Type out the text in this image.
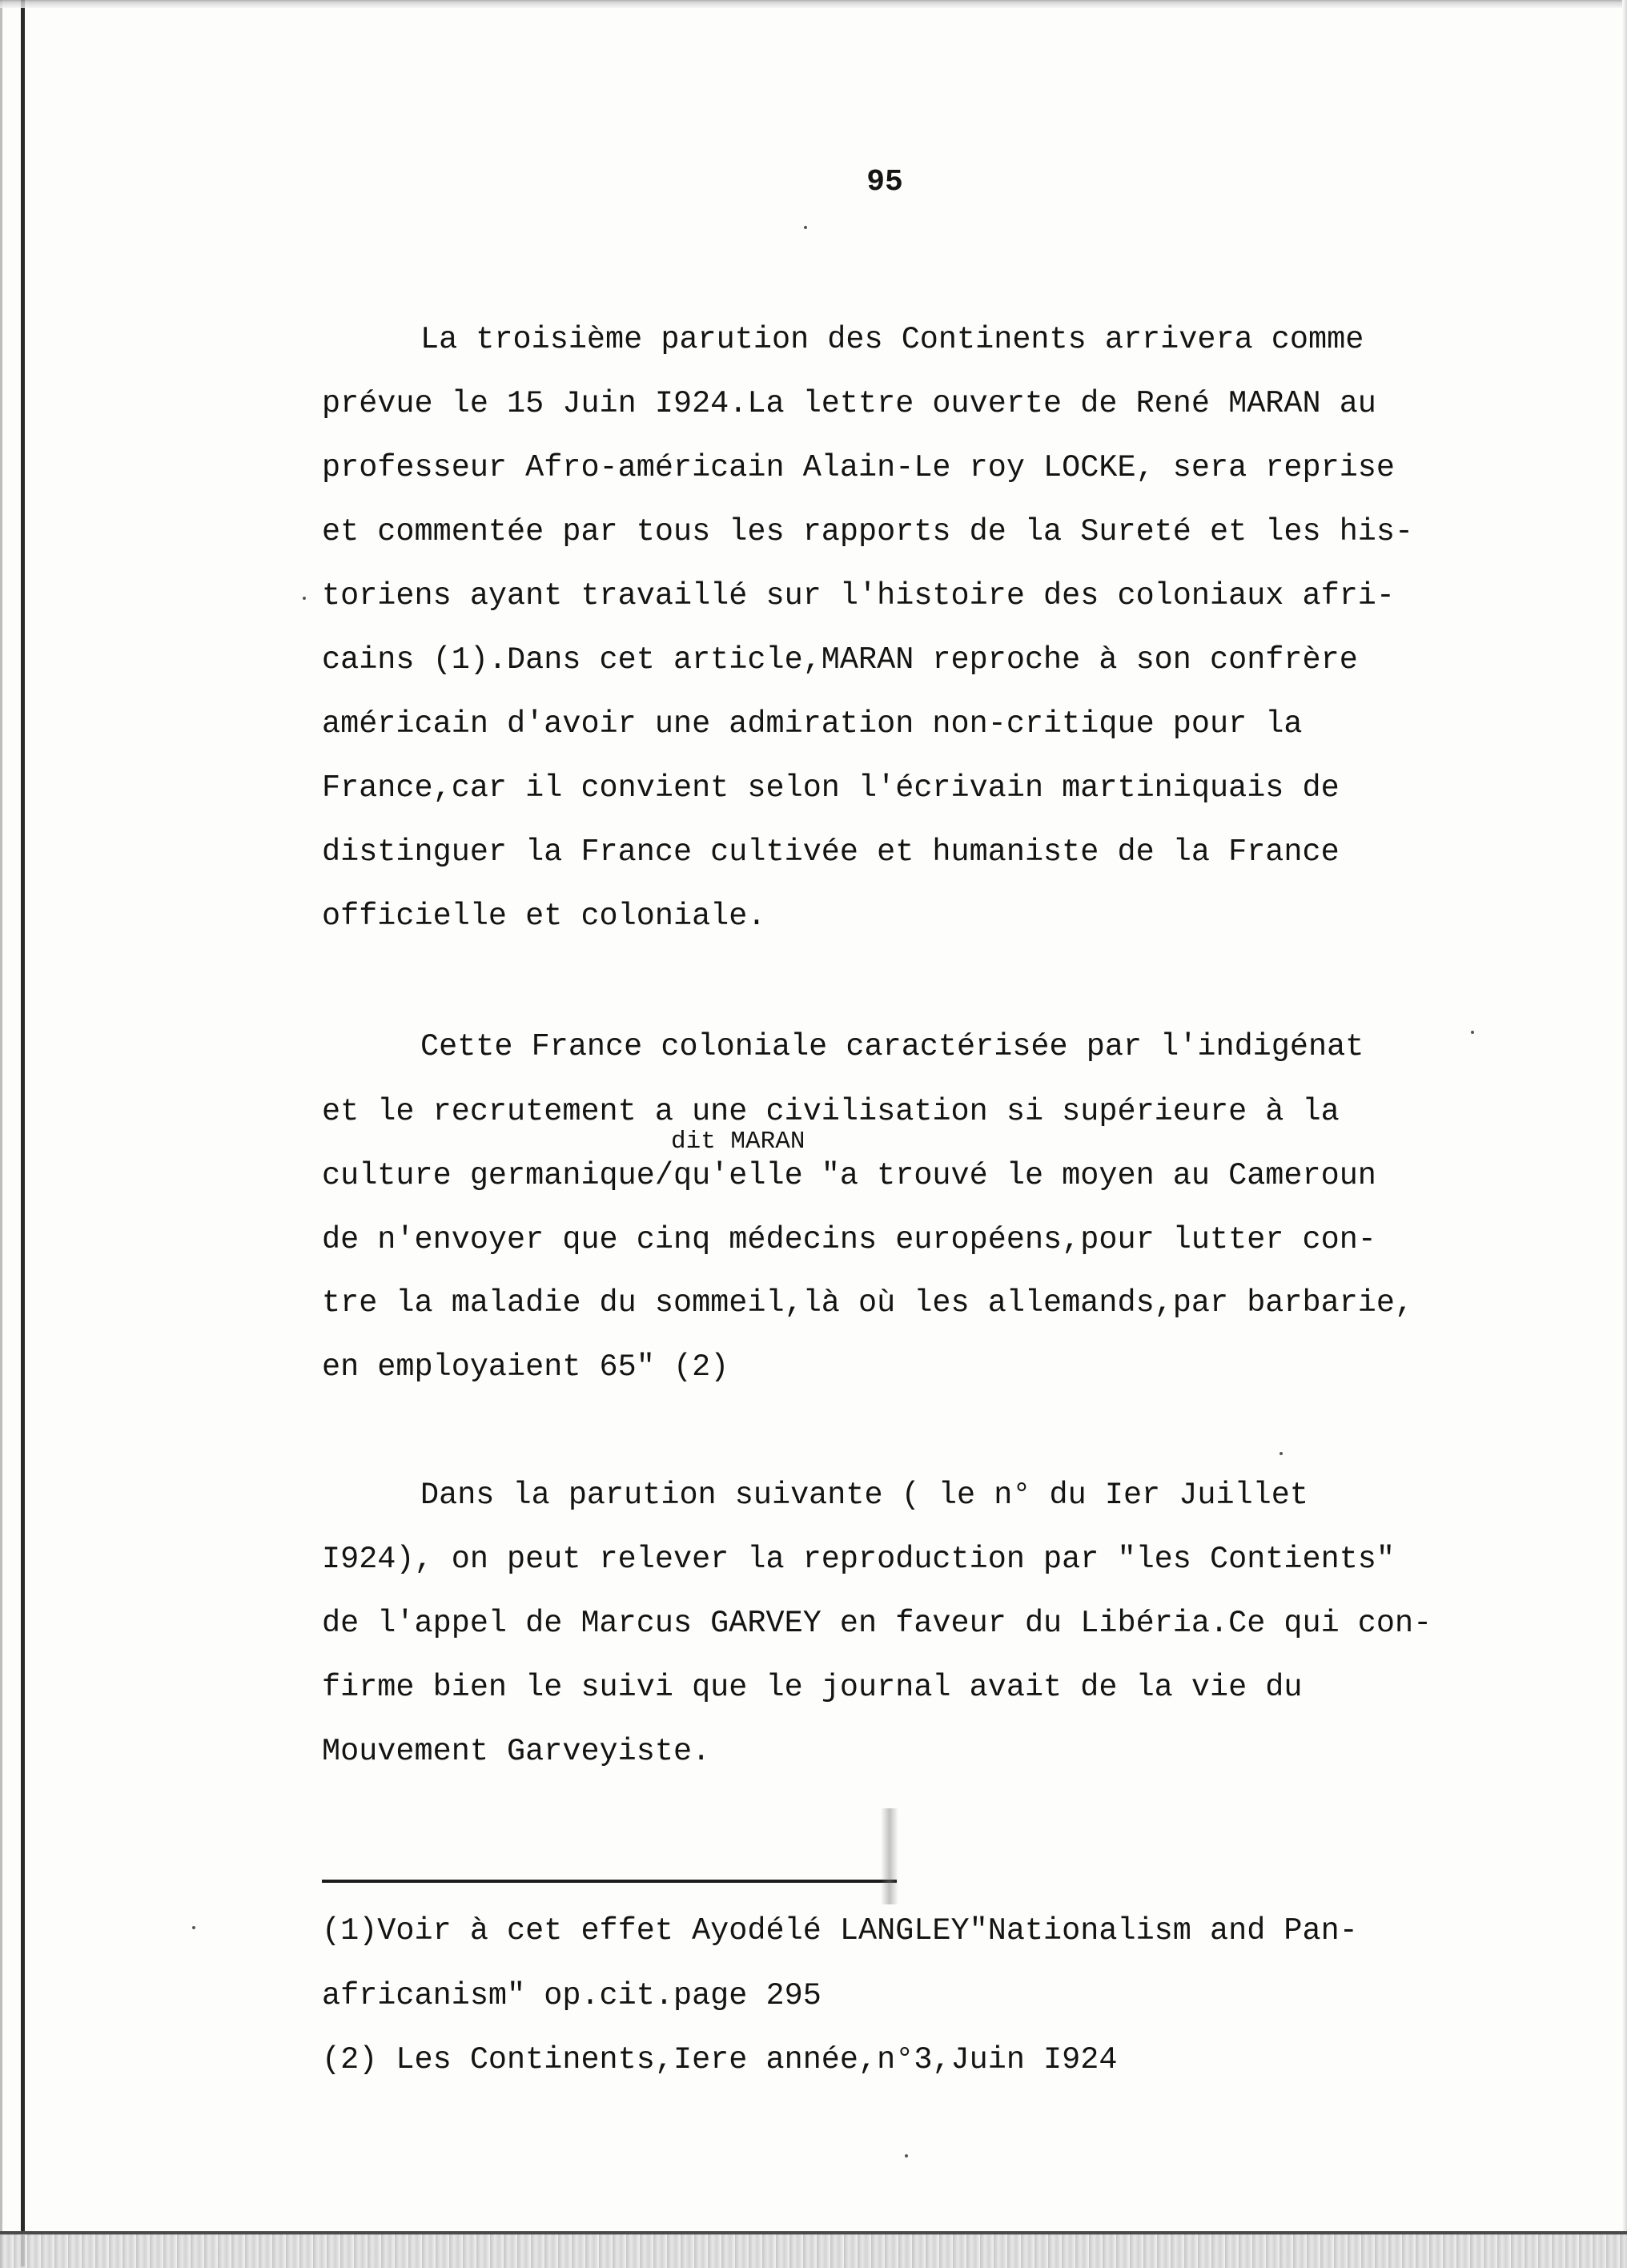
95
La troisième parution des Continents arrivera comme
prévue le 15 Juin I924.La lettre ouverte de René MARAN au
professeur Afro-américain Alain-Le roy LOCKE, sera reprise
et commentée par tous les rapports de la Sureté et les his-
toriens ayant travaillé sur l'histoire des coloniaux afri-
cains (1).Dans cet article,MARAN reproche à son confrère
américain d'avoir une admiration non-critique pour la
France,car il convient selon l'écrivain martiniquais de
distinguer la France cultivée et humaniste de la France
officielle et coloniale.
Cette France coloniale caractérisée par l'indigénat
et le recrutement a une civilisation si supérieure à la
dit MARAN
culture germanique/qu'elle "a trouvé le moyen au Cameroun
de n'envoyer que cinq médecins européens,pour lutter con-
tre la maladie du sommeil,là où les allemands,par barbarie,
en employaient 65" (2)
Dans la parution suivante ( le n° du Ier Juillet
I924), on peut relever la reproduction par "les Contients"
de l'appel de Marcus GARVEY en faveur du Libéria.Ce qui con-
firme bien le suivi que le journal avait de la vie du
Mouvement Garveyiste.
(1)Voir à cet effet Ayodélé LANGLEY"Nationalism and Pan-
africanism" op.cit.page 295
(2) Les Continents,Iere année,n°3,Juin I924
